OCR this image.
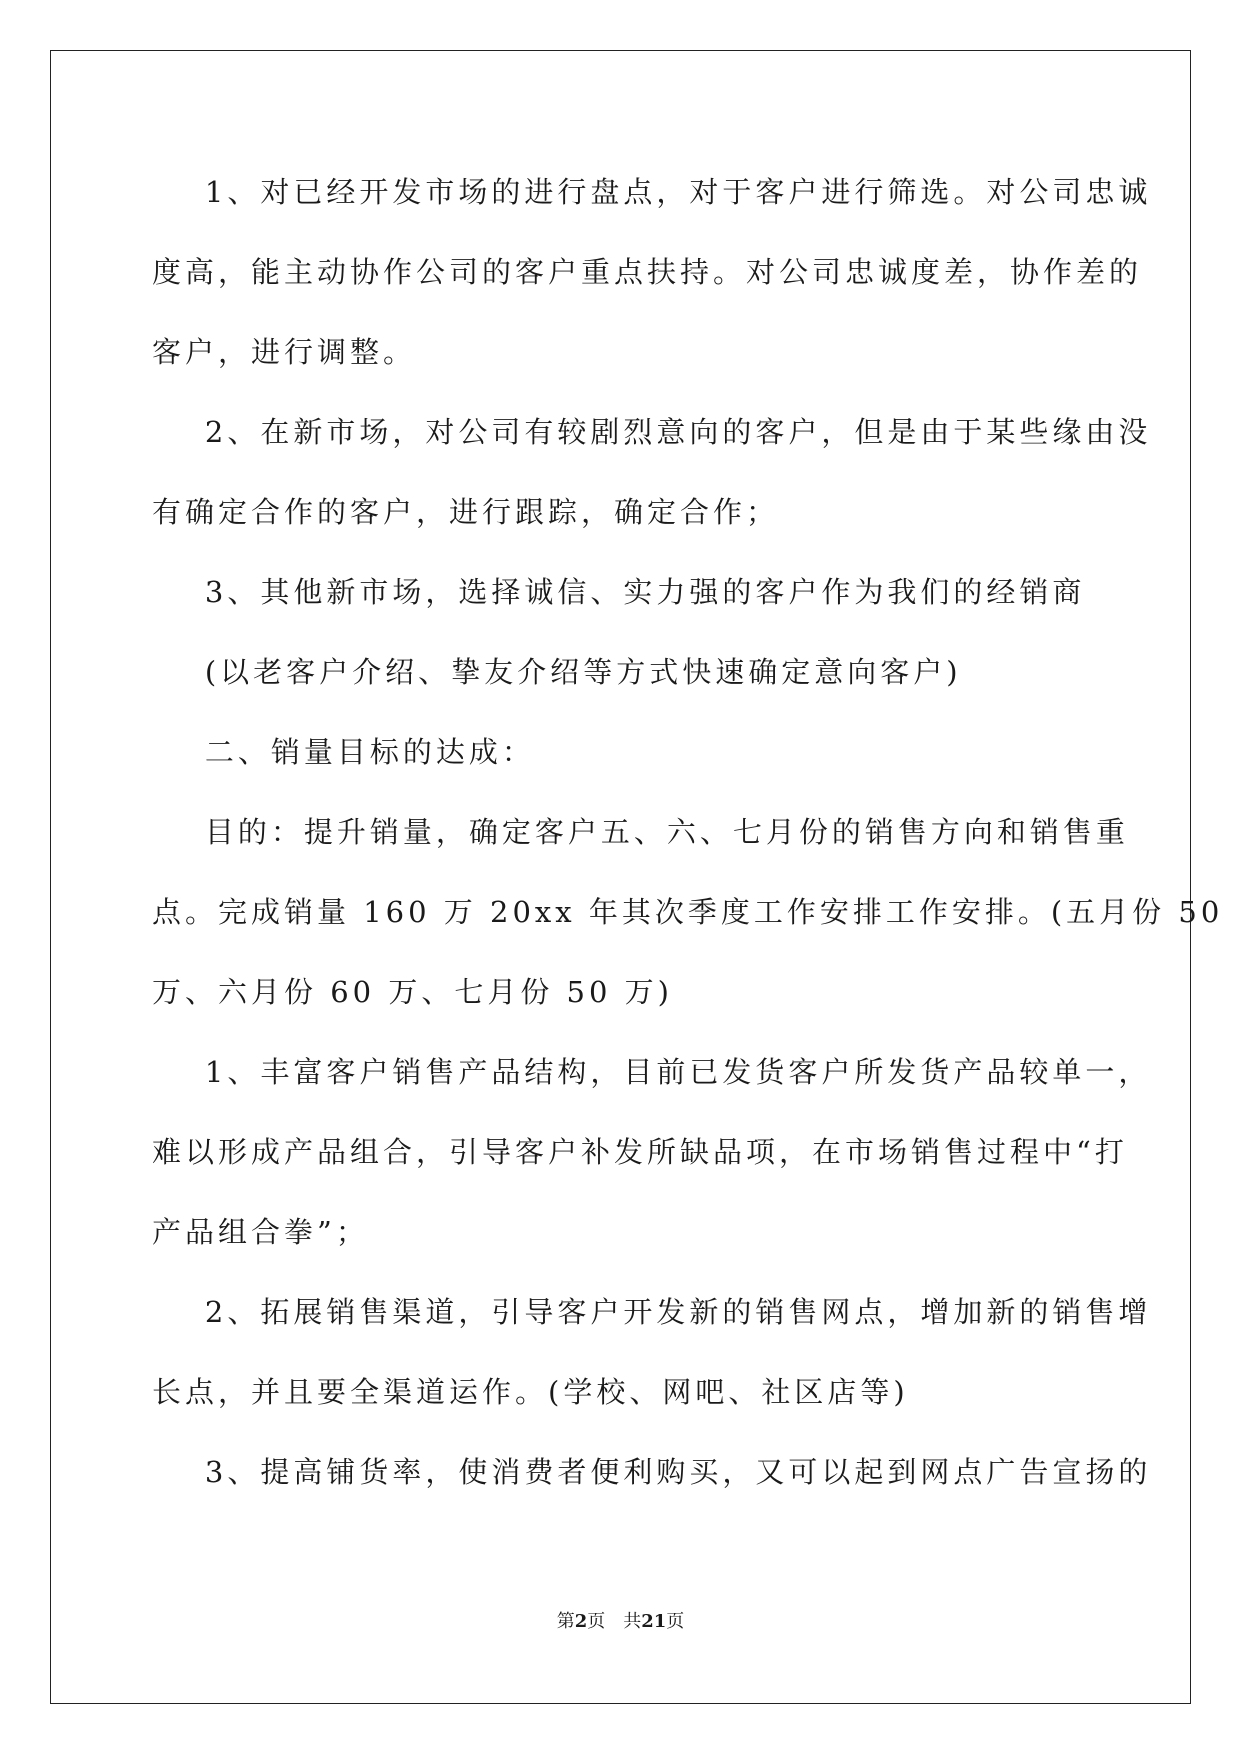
1、对已经开发市场的进行盘点，对于客户进行筛选。对公司忠诚
度高，能主动协作公司的客户重点扶持。对公司忠诚度差，协作差的
客户，进行调整。
2、在新市场，对公司有较剧烈意向的客户，但是由于某些缘由没
有确定合作的客户，进行跟踪，确定合作；
3、其他新市场，选择诚信、实力强的客户作为我们的经销商
(以老客户介绍、挚友介绍等方式快速确定意向客户)
二、销量目标的达成：
目的：提升销量，确定客户五、六、七月份的销售方向和销售重
点。完成销量 160 万 20xx 年其次季度工作安排工作安排。(五月份 50
万、六月份 60 万、七月份 50 万)
1、丰富客户销售产品结构，目前已发货客户所发货产品较单一，
难以形成产品组合，引导客户补发所缺品项，在市场销售过程中“打
产品组合拳”；
2、拓展销售渠道，引导客户开发新的销售网点，增加新的销售增
长点，并且要全渠道运作。(学校、网吧、社区店等)
3、提高铺货率，使消费者便利购买，又可以起到网点广告宣扬的
第2页 共21页
